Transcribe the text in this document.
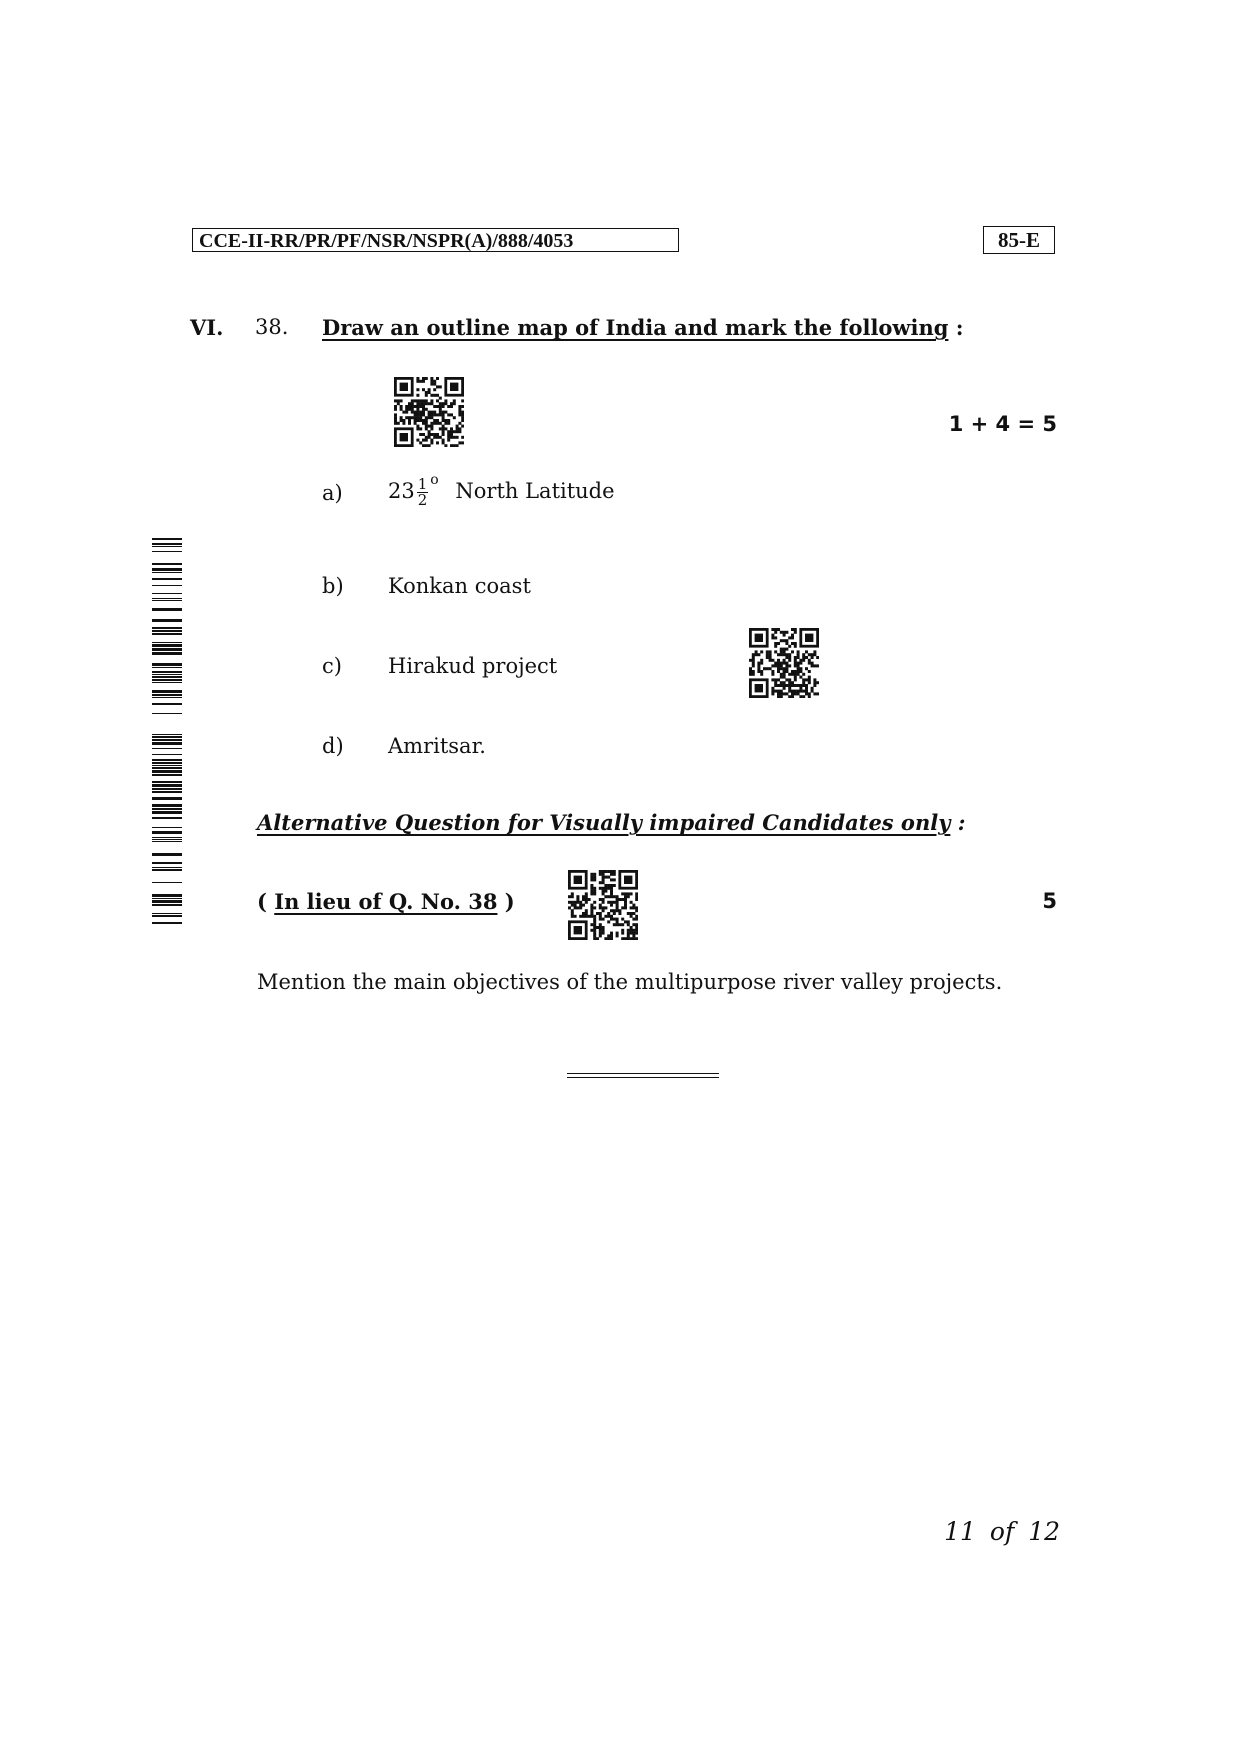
CCE-II-RR/PR/PF/NSR/NSPR(A)/888/4053	85-E
VI. 38. Draw an outline map of India and mark the following :
1 + 4 = 5
a) $23 \frac{1}{2} ^o$ North Latitude
b) Konkan coast
c) Hirakud project
d) Amritsar.
Alternative Question for Visually impaired Candidates only :
( In lieu of Q. No. 38 )	5
Mention the main objectives of the multipurpose river valley projects.
11 of 12
